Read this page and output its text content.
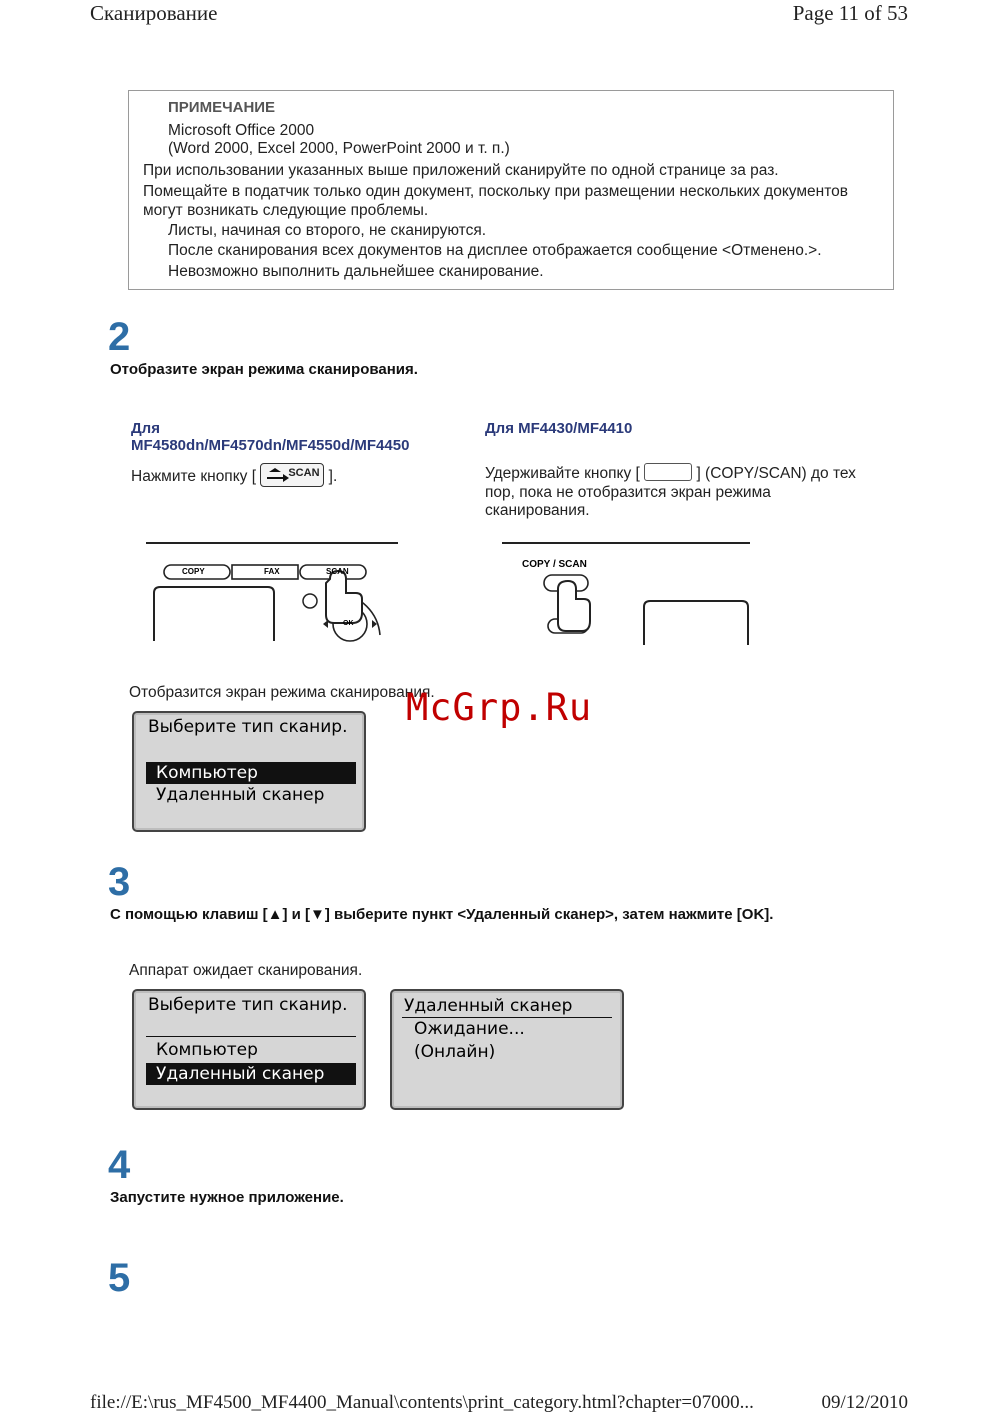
Сканирование	Page 11 of 53
ПРИМЕЧАНИЕ
Microsoft Office 2000
(Word 2000, Excel 2000, PowerPoint 2000 и т. п.)
При использовании указанных выше приложений сканируйте по одной странице за раз.
Помещайте в податчик только один документ, поскольку при размещении нескольких документов
могут возникать следующие проблемы.
Листы, начиная со второго, не сканируются.
После сканирования всех документов на дисплее отображается сообщение <Отменено.>.
Невозможно выполнить дальнейшее сканирование.
2
Отобразите экран режима сканирования.
Для
MF4580dn/MF4570dn/MF4550d/MF4450
Нажмите кнопку [	SCAN ].
Для MF4430/MF4410
Удерживайте кнопку [	] (COPY/SCAN) до тех
пор, пока не отобразится экран режима
сканирования.
COPY	FAX	SCAN
OK
COPY / SCAN
Отобразится экран режима сканирования.
Выберите тип сканир.
Компьютер
Удаленный сканер
McGrp.Ru
3
С помощью клавиш [▲] и [▼] выберите пункт <Удаленный сканер>, затем нажмите [OK].
Аппарат ожидает сканирования.
Выберите тип сканир.
Компьютер
Удаленный сканер
Удаленный сканер
Ожидание...
(Онлайн)
4
Запустите нужное приложение.
5
file://E:\rus_MF4500_MF4400_Manual\contents\print_category.html?chapter=07000...	09/12/2010
